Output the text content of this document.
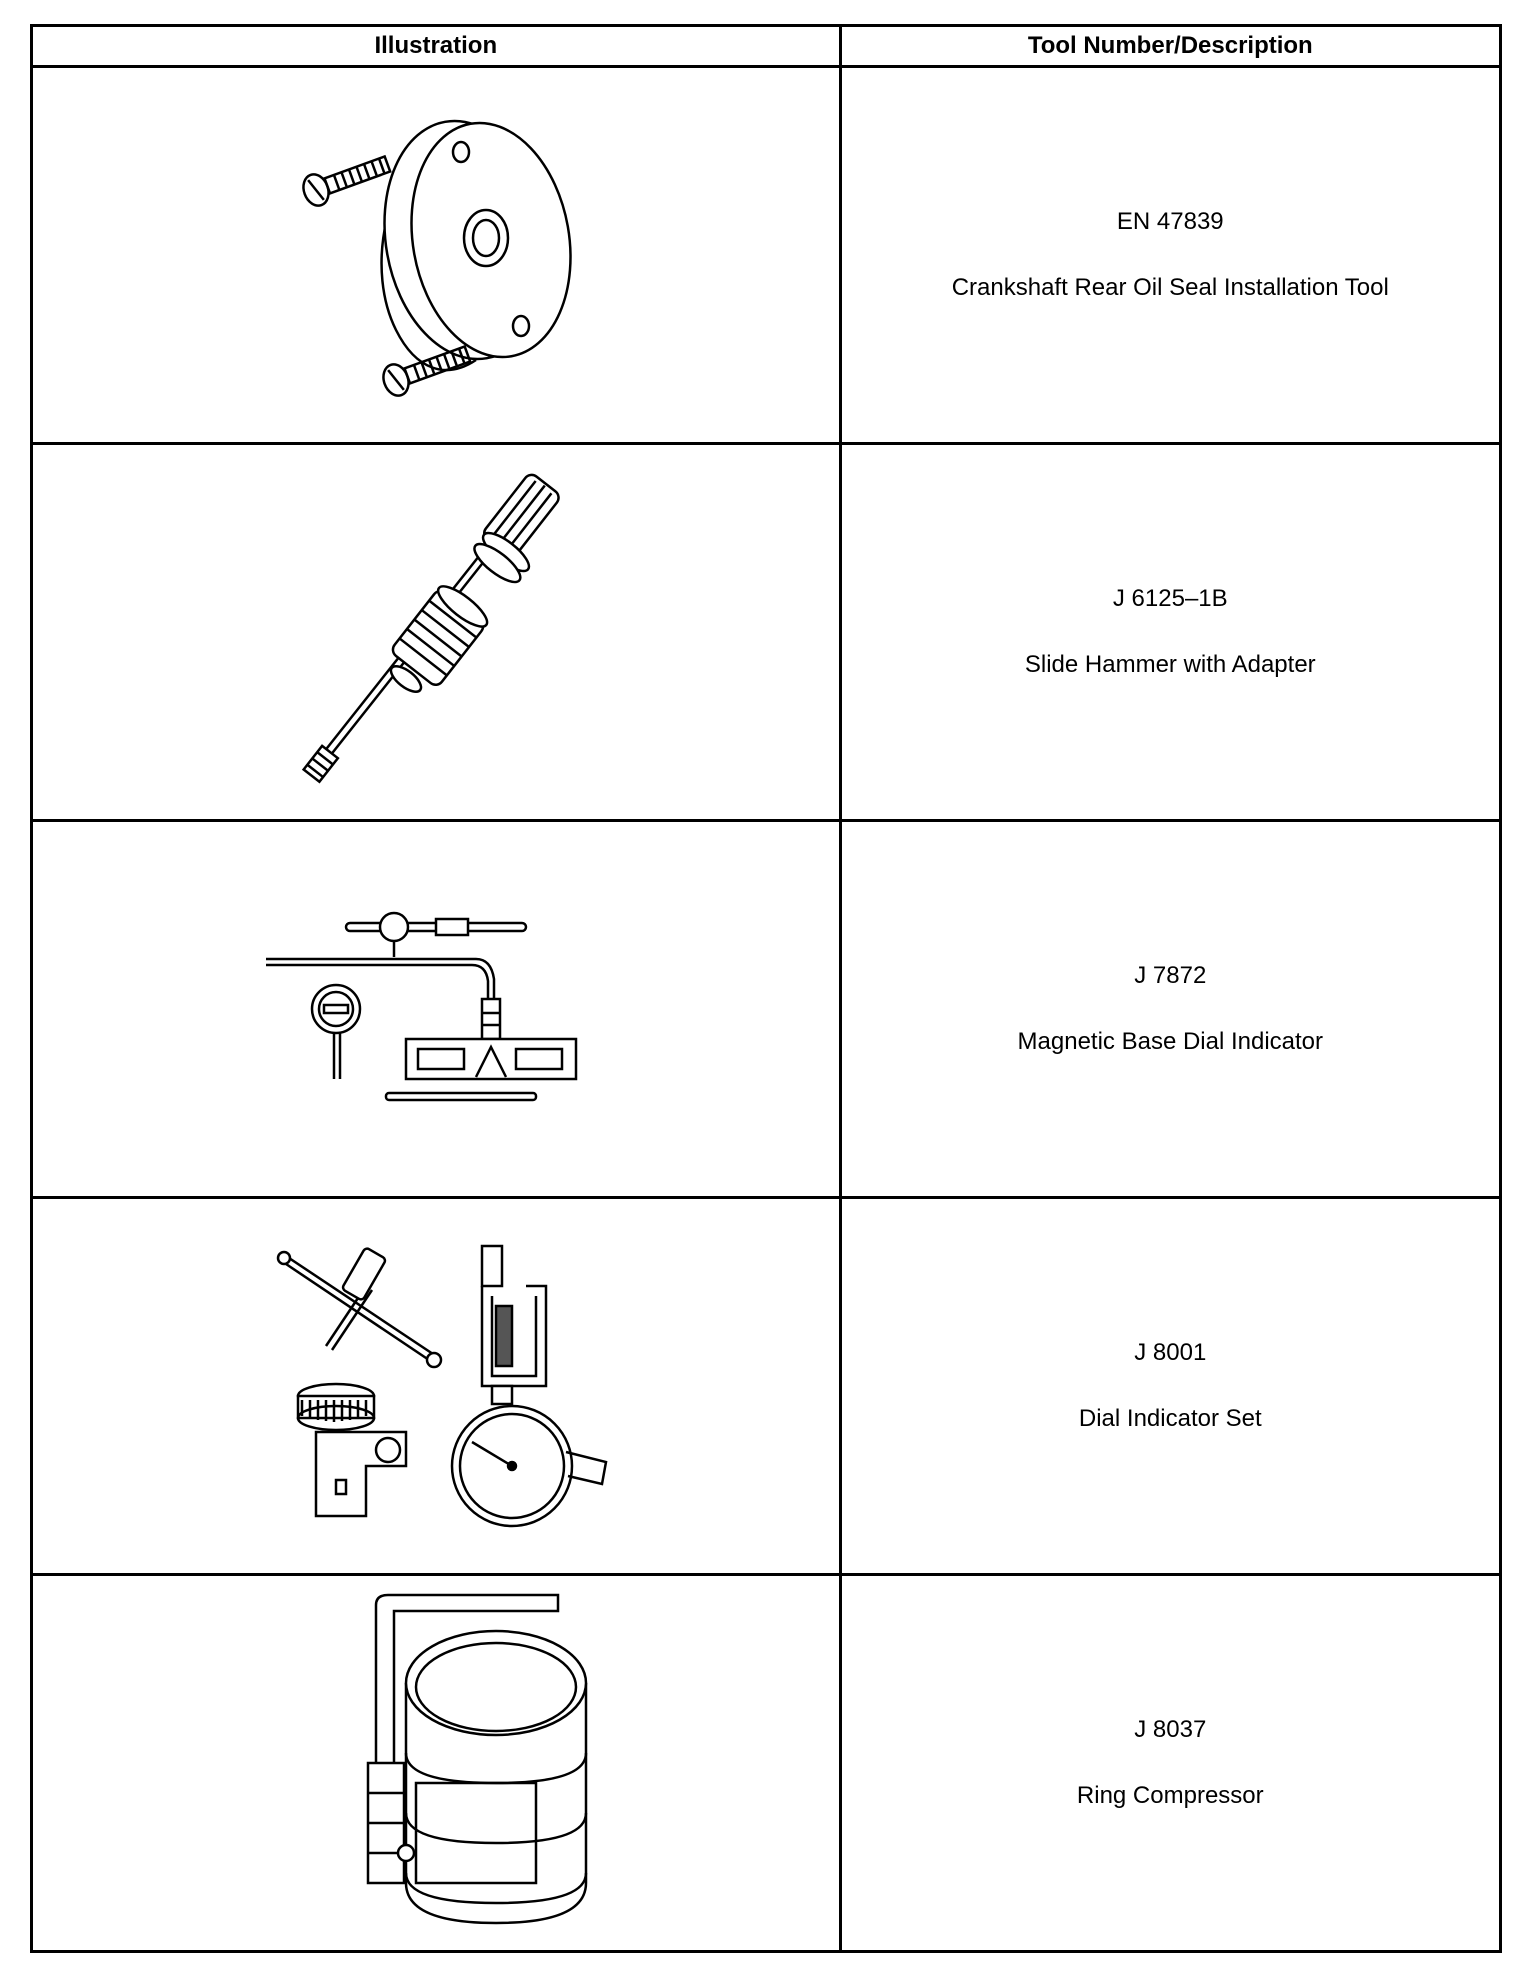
Illustration	Tool Number/Description

EN 47839
Crankshaft Rear Oil Seal Installation Tool

J 6125–1B
Slide Hammer with Adapter

J 7872
Magnetic Base Dial Indicator

J 8001
Dial Indicator Set

J 8037
Ring Compressor
